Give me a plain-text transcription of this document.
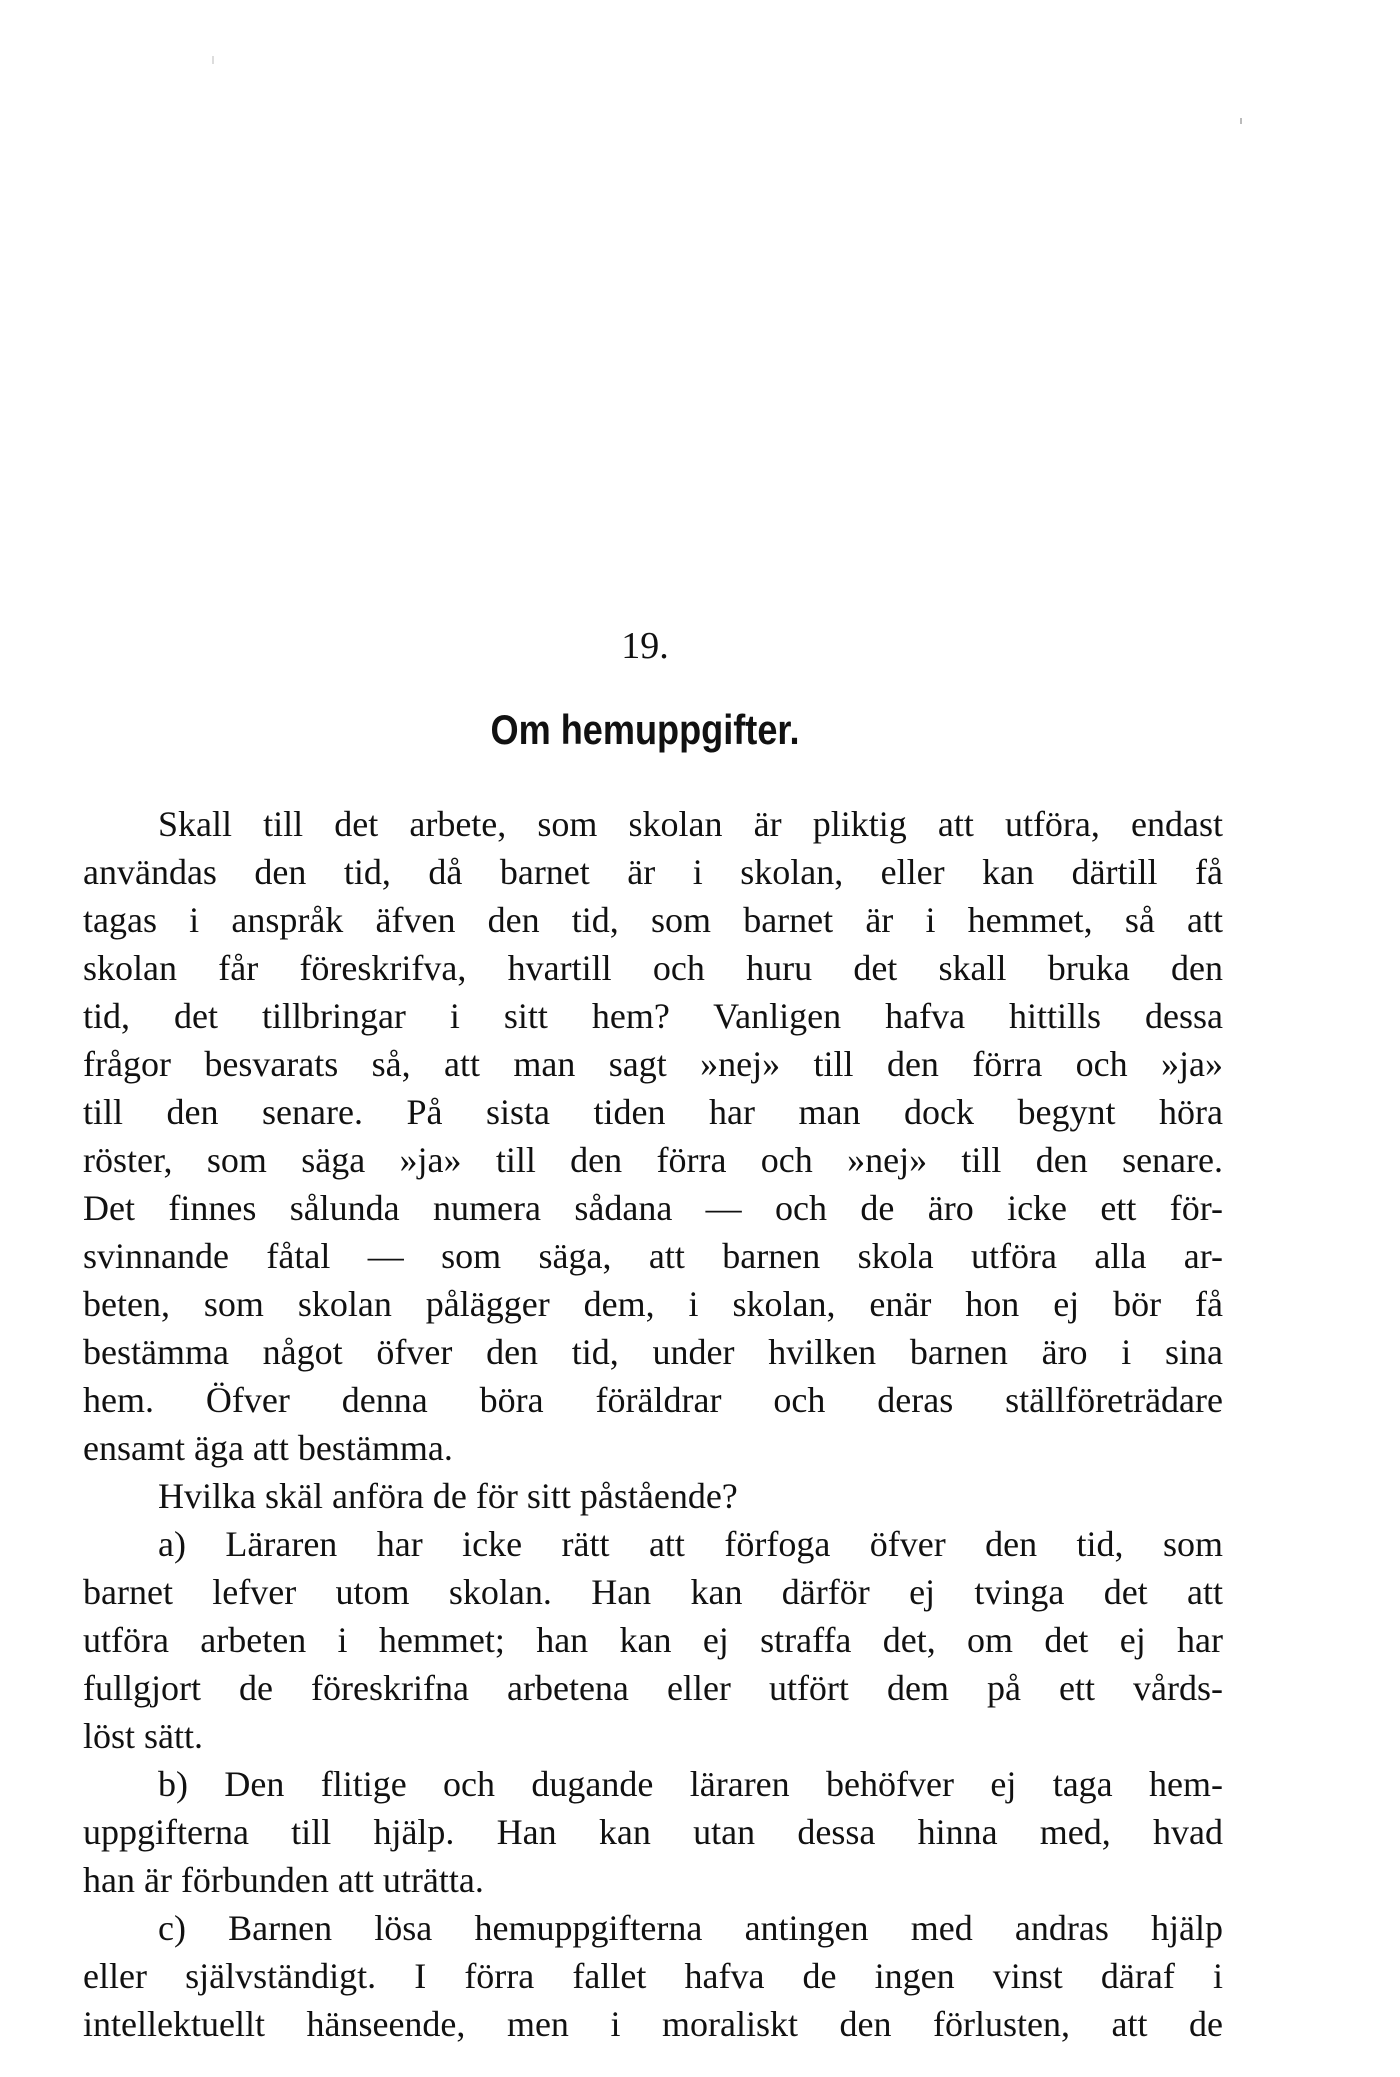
19.
Om hemuppgifter.
Skall till det arbete, som skolan är pliktig att utföra, endast
användas den tid, då barnet är i skolan, eller kan därtill få
tagas i anspråk äfven den tid, som barnet är i hemmet, så att
skolan får föreskrifva, hvartill och huru det skall bruka den
tid, det tillbringar i sitt hem? Vanligen hafva hittills dessa
frågor besvarats så, att man sagt »nej» till den förra och »ja»
till den senare. På sista tiden har man dock begynt höra
röster, som säga »ja» till den förra och »nej» till den senare.
Det finnes sålunda numera sådana — och de äro icke ett för-
svinnande fåtal — som säga, att barnen skola utföra alla ar-
beten, som skolan pålägger dem, i skolan, enär hon ej bör få
bestämma något öfver den tid, under hvilken barnen äro i sina
hem. Öfver denna böra föräldrar och deras ställföreträdare
ensamt äga att bestämma.
Hvilka skäl anföra de för sitt påstående?
a) Läraren har icke rätt att förfoga öfver den tid, som
barnet lefver utom skolan. Han kan därför ej tvinga det att
utföra arbeten i hemmet; han kan ej straffa det, om det ej har
fullgjort de föreskrifna arbetena eller utfört dem på ett vårds-
löst sätt.
b) Den flitige och dugande läraren behöfver ej taga hem-
uppgifterna till hjälp. Han kan utan dessa hinna med, hvad
han är förbunden att uträtta.
c) Barnen lösa hemuppgifterna antingen med andras hjälp
eller självständigt. I förra fallet hafva de ingen vinst däraf i
intellektuellt hänseende, men i moraliskt den förlusten, att de
